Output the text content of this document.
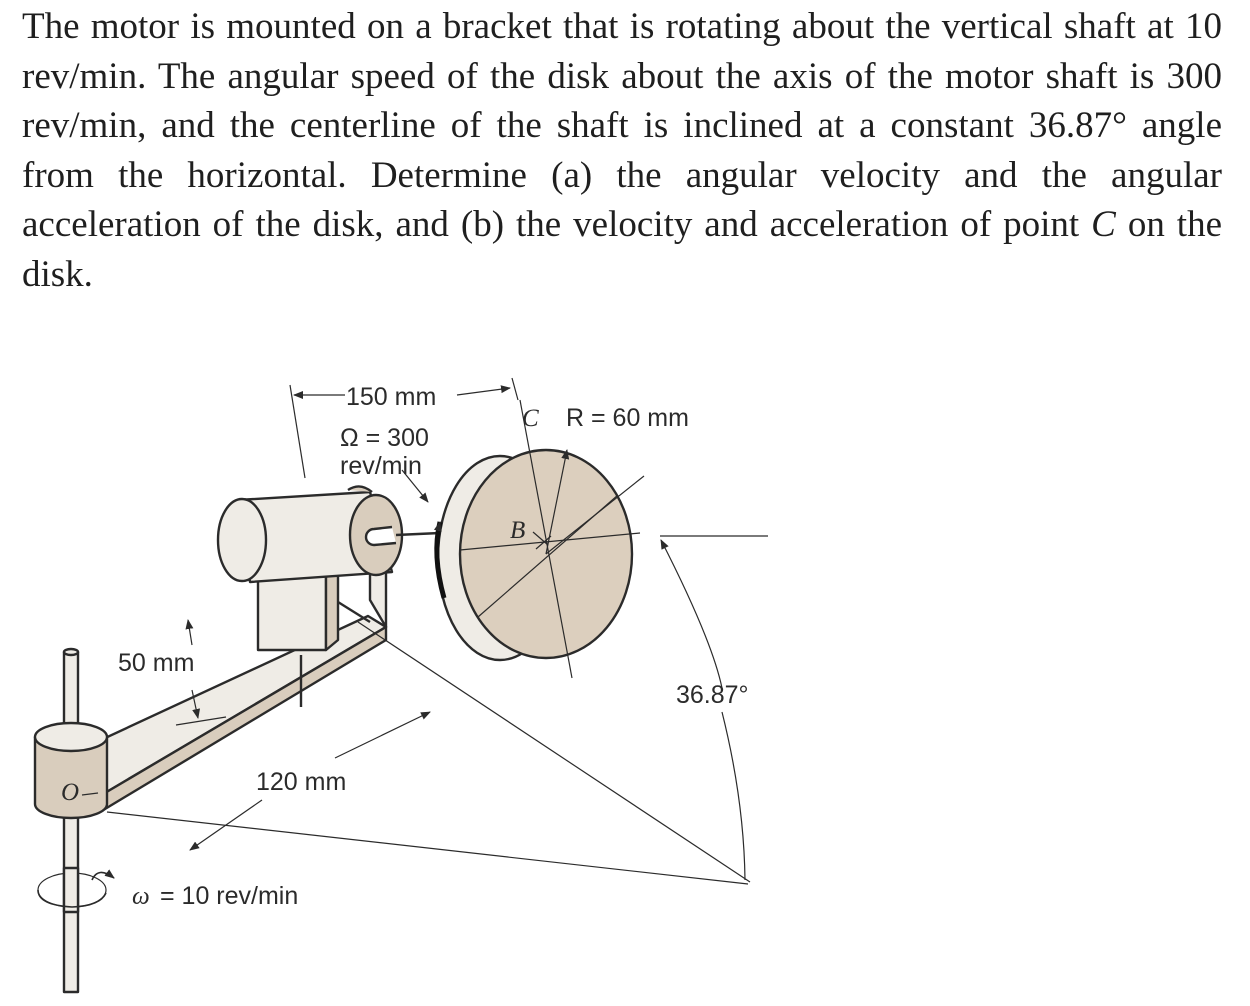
The motor is mounted on a bracket that is rotating about the vertical shaft at 10 rev/min. The angular speed of the disk about the axis of the motor shaft is 300 rev/min, and the centerline of the shaft is inclined at a constant 36.87° angle from the horizontal. Determine (a) the angular velocity and the angular acceleration of the disk, and (b) the velocity and acceleration of point C on the disk.

150 mm
Ω = 300
rev/min
C R = 60 mm
B
50 mm
36.87°
O	120 mm
ω = 10 rev/min
